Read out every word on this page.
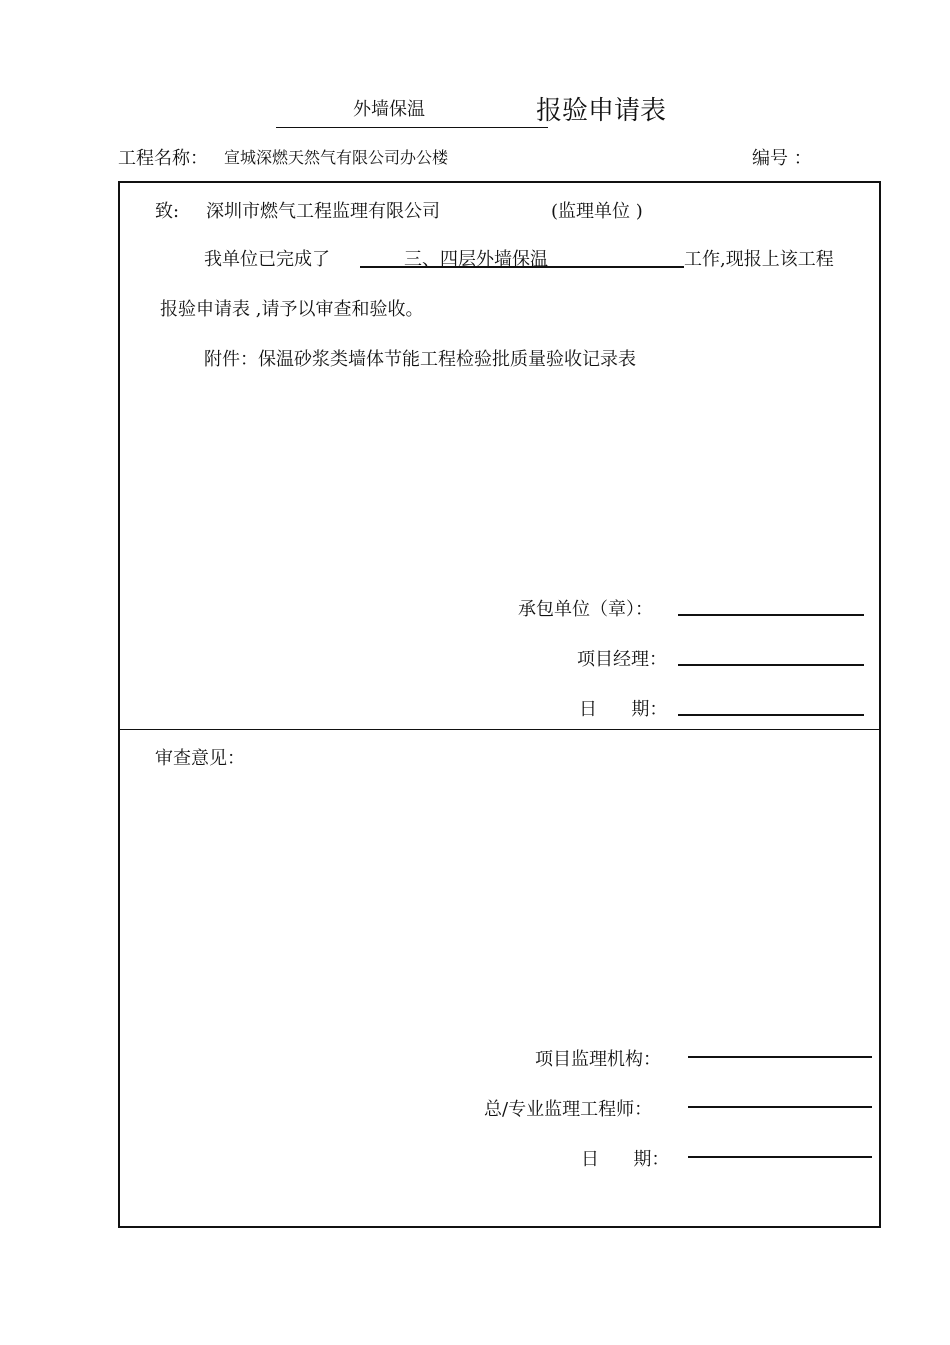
外墙保温	报验申请表
工程名称： 宣城深燃天然气有限公司办公楼	编号 ：
致: 深圳市燃气工程监理有限公司	(监理单位 )
我单位已完成了	三、四层外墙保温	工作,现报上该工程
报验申请表 ,请予以审查和验收。
附件：保温砂浆类墙体节能工程检验批质量验收记录表
承包单位（章）：
项目经理：
日      期：
审查意见：
项目监理机构：
总/专业监理工程师：
日      期：
